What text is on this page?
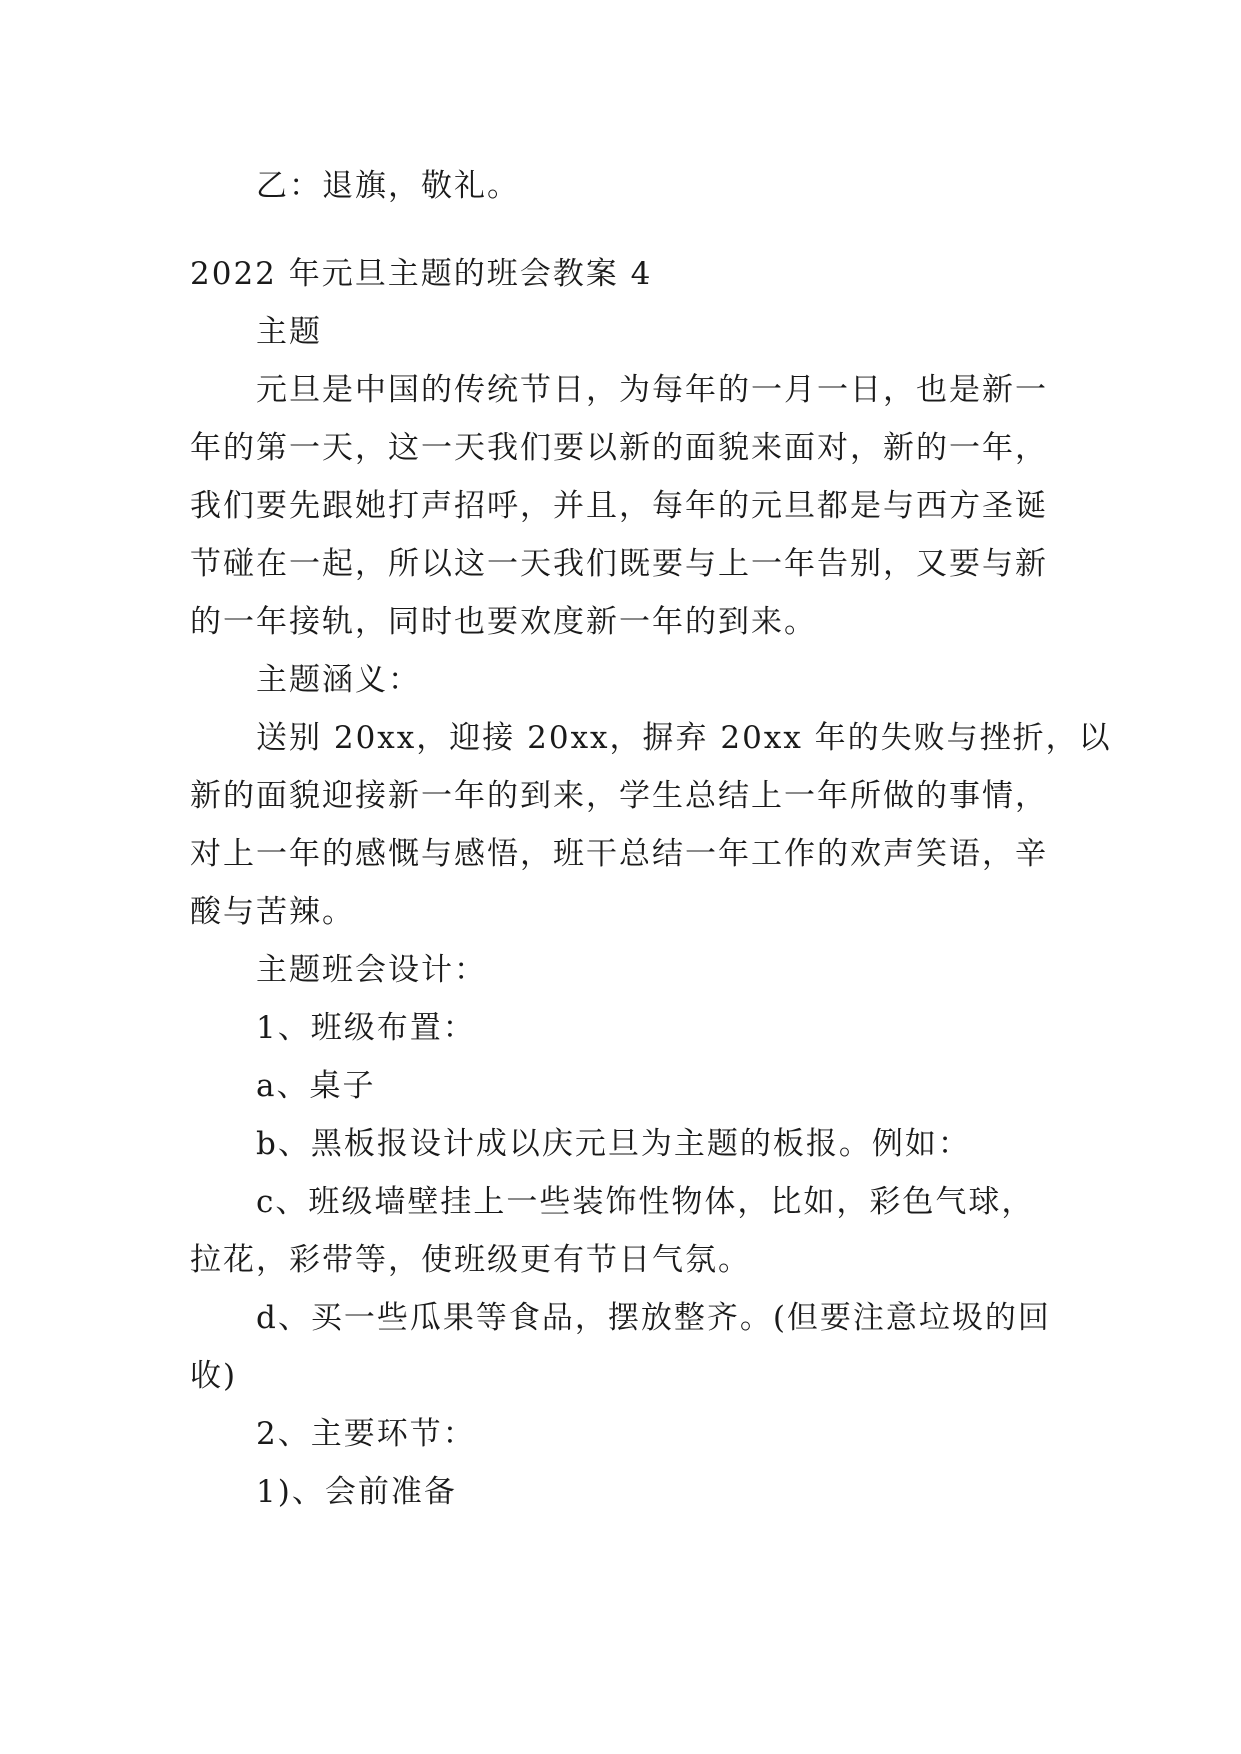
乙：退旗，敬礼。
2022 年元旦主题的班会教案 4
主题
元旦是中国的传统节日，为每年的一月一日，也是新一
年的第一天，这一天我们要以新的面貌来面对，新的一年，
我们要先跟她打声招呼，并且，每年的元旦都是与西方圣诞
节碰在一起，所以这一天我们既要与上一年告别，又要与新
的一年接轨，同时也要欢度新一年的到来。
主题涵义：
送别 20xx，迎接 20xx，摒弃 20xx 年的失败与挫折，以
新的面貌迎接新一年的到来，学生总结上一年所做的事情，
对上一年的感慨与感悟，班干总结一年工作的欢声笑语，辛
酸与苦辣。
主题班会设计：
1、班级布置：
a、桌子
b、黑板报设计成以庆元旦为主题的板报。例如：
c、班级墙壁挂上一些装饰性物体，比如，彩色气球，
拉花，彩带等，使班级更有节日气氛。
d、买一些瓜果等食品，摆放整齐。(但要注意垃圾的回
收)
2、主要环节：
1)、会前准备
